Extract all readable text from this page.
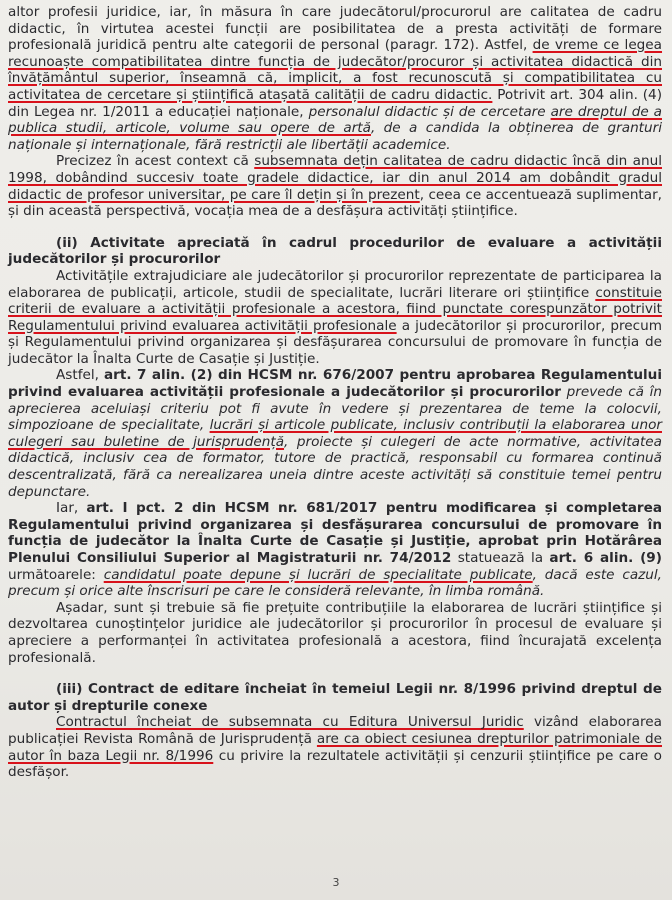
altor profesii juridice, iar, în măsura în care judecătorul/procurorul are calitatea de cadru didactic, în virtutea acestei funcții are posibilitatea de a presta activități de formare profesională juridică pentru alte categorii de personal (paragr. 172). Astfel, de vreme ce legea recunoaște compatibilitatea dintre funcția de judecător/procuror și activitatea didactică din învățământul superior, înseamnă că, implicit, a fost recunoscută și compatibilitatea cu activitatea de cercetare și științifică atașată calității de cadru didactic. Potrivit art. 304 alin. (4) din Legea nr. 1/2011 a educației naționale, personalul didactic și de cercetare are dreptul de a publica studii, articole, volume sau opere de artă, de a candida la obținerea de granturi naționale și internaționale, fără restricții ale libertății academice.

Precizez în acest context că subsemnata dețin calitatea de cadru didactic încă din anul 1998, dobândind succesiv toate gradele didactice, iar din anul 2014 am dobândit gradul didactic de profesor universitar, pe care îl dețin și în prezent, ceea ce accentuează suplimentar, și din această perspectivă, vocația mea de a desfășura activități științifice.

(ii) Activitate apreciată în cadrul procedurilor de evaluare a activității judecătorilor și procurorilor

Activitățile extrajudiciare ale judecătorilor și procurorilor reprezentate de participarea la elaborarea de publicații, articole, studii de specialitate, lucrări literare ori științifice constituie criterii de evaluare a activității profesionale a acestora, fiind punctate corespunzător potrivit Regulamentului privind evaluarea activității profesionale a judecătorilor și procurorilor, precum și Regulamentului privind organizarea și desfășurarea concursului de promovare în funcția de judecător la Înalta Curte de Casație și Justiție.

Astfel, art. 7 alin. (2) din HCSM nr. 676/2007 pentru aprobarea Regulamentului privind evaluarea activității profesionale a judecătorilor și procurorilor prevede că în aprecierea aceluiași criteriu pot fi avute în vedere și prezentarea de teme la colocvii, simpozioane de specialitate, lucrări și articole publicate, inclusiv contribuții la elaborarea unor culegeri sau buletine de jurisprudență, proiecte și culegeri de acte normative, activitatea didactică, inclusiv cea de formator, tutore de practică, responsabil cu formarea continuă descentralizată, fără ca nerealizarea uneia dintre aceste activități să constituie temei pentru depunctare.

Iar, art. I pct. 2 din HCSM nr. 681/2017 pentru modificarea și completarea Regulamentului privind organizarea și desfășurarea concursului de promovare în funcția de judecător la Înalta Curte de Casație și Justiție, aprobat prin Hotărârea Plenului Consiliului Superior al Magistraturii nr. 74/2012 statuează la art. 6 alin. (9) următoarele: candidatul poate depune și lucrări de specialitate publicate, dacă este cazul, precum și orice alte înscrisuri pe care le consideră relevante, în limba română.

Așadar, sunt și trebuie să fie prețuite contribuțiile la elaborarea de lucrări științifice și dezvoltarea cunoștințelor juridice ale judecătorilor și procurorilor în procesul de evaluare și apreciere a performanței în activitatea profesională a acestora, fiind încurajată excelența profesională.

(iii) Contract de editare încheiat în temeiul Legii nr. 8/1996 privind dreptul de autor și drepturile conexe

Contractul încheiat de subsemnata cu Editura Universul Juridic vizând elaborarea publicației Revista Română de Jurisprudență are ca obiect cesiunea drepturilor patrimoniale de autor în baza Legii nr. 8/1996 cu privire la rezultatele activității și cenzurii științifice pe care o desfășor.

3
